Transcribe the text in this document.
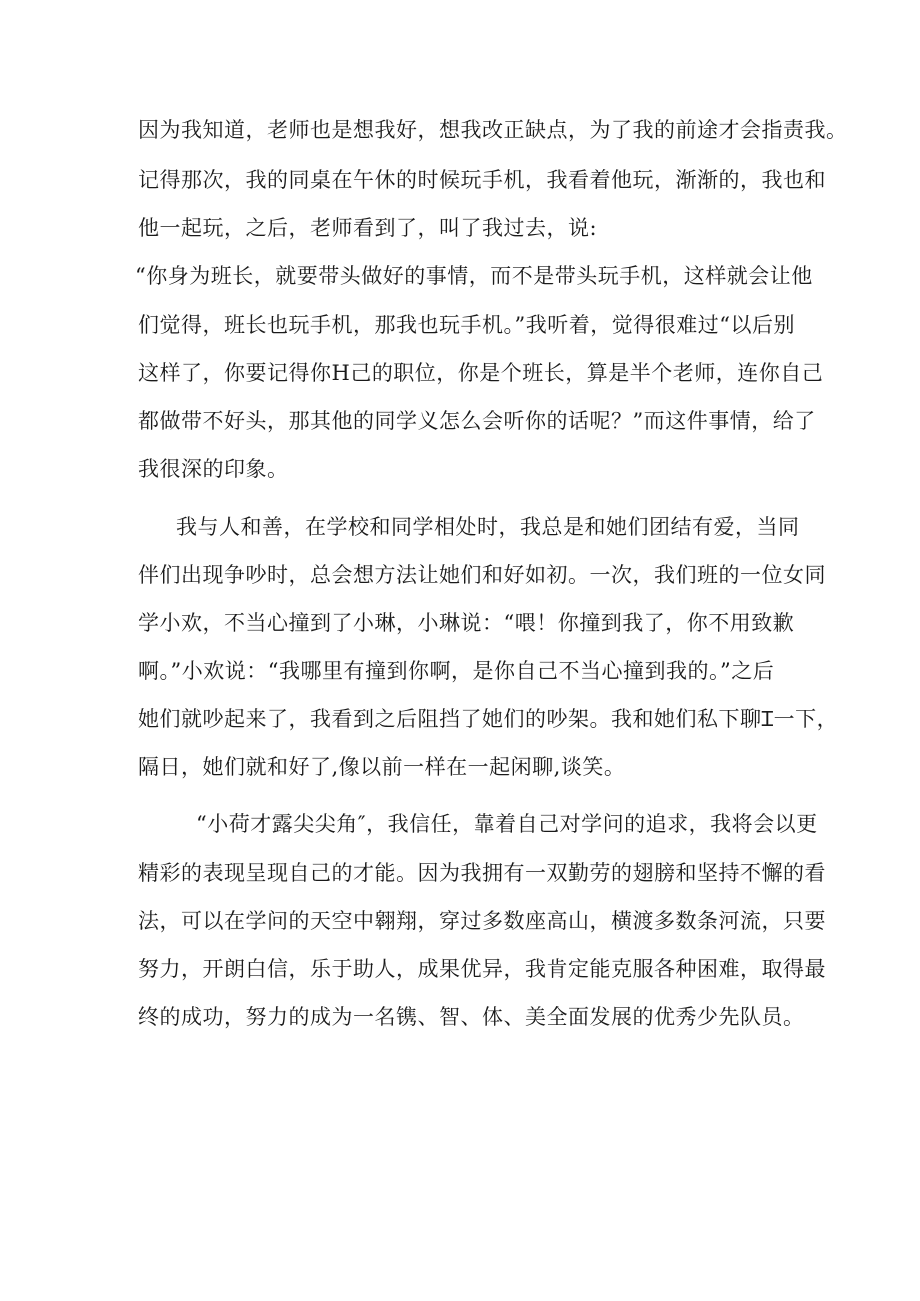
因为我知道，老师也是想我好，想我改正缺点，为了我的前途才会指责我。
记得那次，我的同桌在午休的时候玩手机，我看着他玩，渐渐的，我也和
他一起玩，之后，老师看到了，叫了我过去，说:
“你身为班长，就要带头做好的事情，而不是带头玩手机，这样就会让他
们觉得，班长也玩手机，那我也玩手机。”我听着，觉得很难过“以后别
这样了，你要记得你H己的职位，你是个班长，算是半个老师，连你自己
都做带不好头，那其他的同学义怎么会听你的话呢？”而这件事情，给了
我很深的印象。
我与人和善，在学校和同学相处时，我总是和她们团结有爱，当同
伴们出现争吵时，总会想方法让她们和好如初。一次，我们班的一位女同
学小欢，不当心撞到了小琳，小琳说：“喂！你撞到我了，你不用致歉
啊。”小欢说：“我哪里有撞到你啊，是你自己不当心撞到我的。”之后
她们就吵起来了，我看到之后阻挡了她们的吵架。我和她们私下聊Ɪ一下，
隔日，她们就和好了,像以前一样在一起闲聊,谈笑。
“小荷才露尖尖角″，我信任，靠着自己对学问的追求，我将会以更
精彩的表现呈现自己的才能。因为我拥有一双勤劳的翅膀和坚持不懈的看
法，可以在学问的天空中翱翔，穿过多数座高山，横渡多数条河流，只要
努力，开朗白信，乐于助人，成果优异，我肯定能克服各种困难，取得最
终的成功，努力的成为一名镌、智、体、美全面发展的优秀少先队员。
